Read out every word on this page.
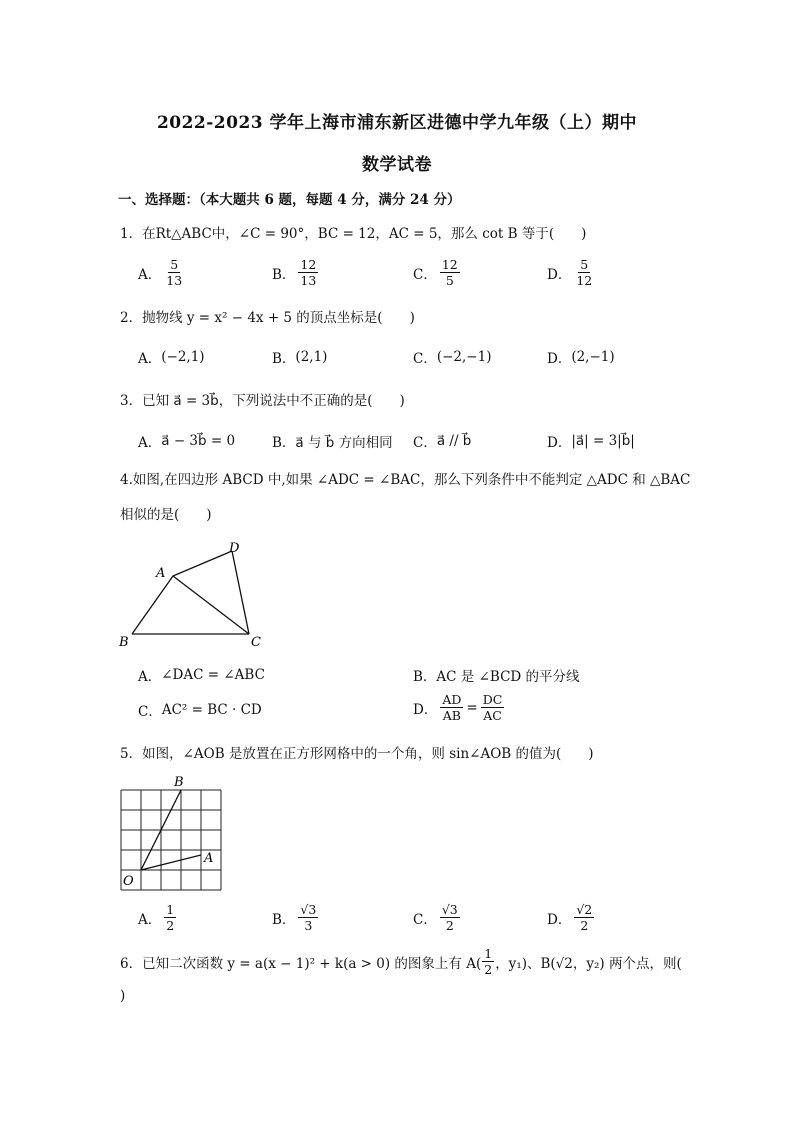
2022-2023 学年上海市浦东新区进德中学九年级（上）期中
数学试卷
一、选择题：（本大题共 6 题，每题 4 分，满分 24 分）
1．在Rt△ABC中，∠C = 90°，BC = 12，AC = 5，那么 cot B 等于(　　)
A． $\frac{5}{13}$	B． $\frac{12}{13}$	C． $\frac{12}{5}$	D． $\frac{5}{12}$
2．抛物线 y = x² − 4x + 5 的顶点坐标是(　　)
A． (−2,1)	B． (2,1)	C． (−2,−1)	D． (2,−1)
3．已知 a⃗ = 3b⃗，下列说法中不正确的是(　　)
A． a⃗ − 3b⃗ = 0	B． a⃗ 与 b⃗ 方向相同 C． a⃗ // b⃗	D． |a⃗| = 3|b⃗|
4.如图,在四边形 ABCD 中,如果 ∠ADC = ∠BAC，那么下列条件中不能判定 △ADC 和 △BAC
相似的是(　　)
A
B	C
D
A． ∠DAC = ∠ABC	B． AC 是 ∠BCD 的平分线
C． AC² = BC · CD	D． $\frac{AD}{AB} = \frac{DC}{AC}$
5．如图，∠AOB 是放置在正方形网格中的一个角，则 sin∠AOB 的值为(　　)
B
A
O
A． $\frac{1}{2}$	B． $\frac{√3}{3}$	C． $\frac{√3}{2}$	D． $\frac{√2}{2}$
6．已知二次函数 y = a(x − 1)² + k(a > 0) 的图象上有 $A( \frac{1}{2}$ ，y₁)、B(√2，y₂) 两个点，则(
)
